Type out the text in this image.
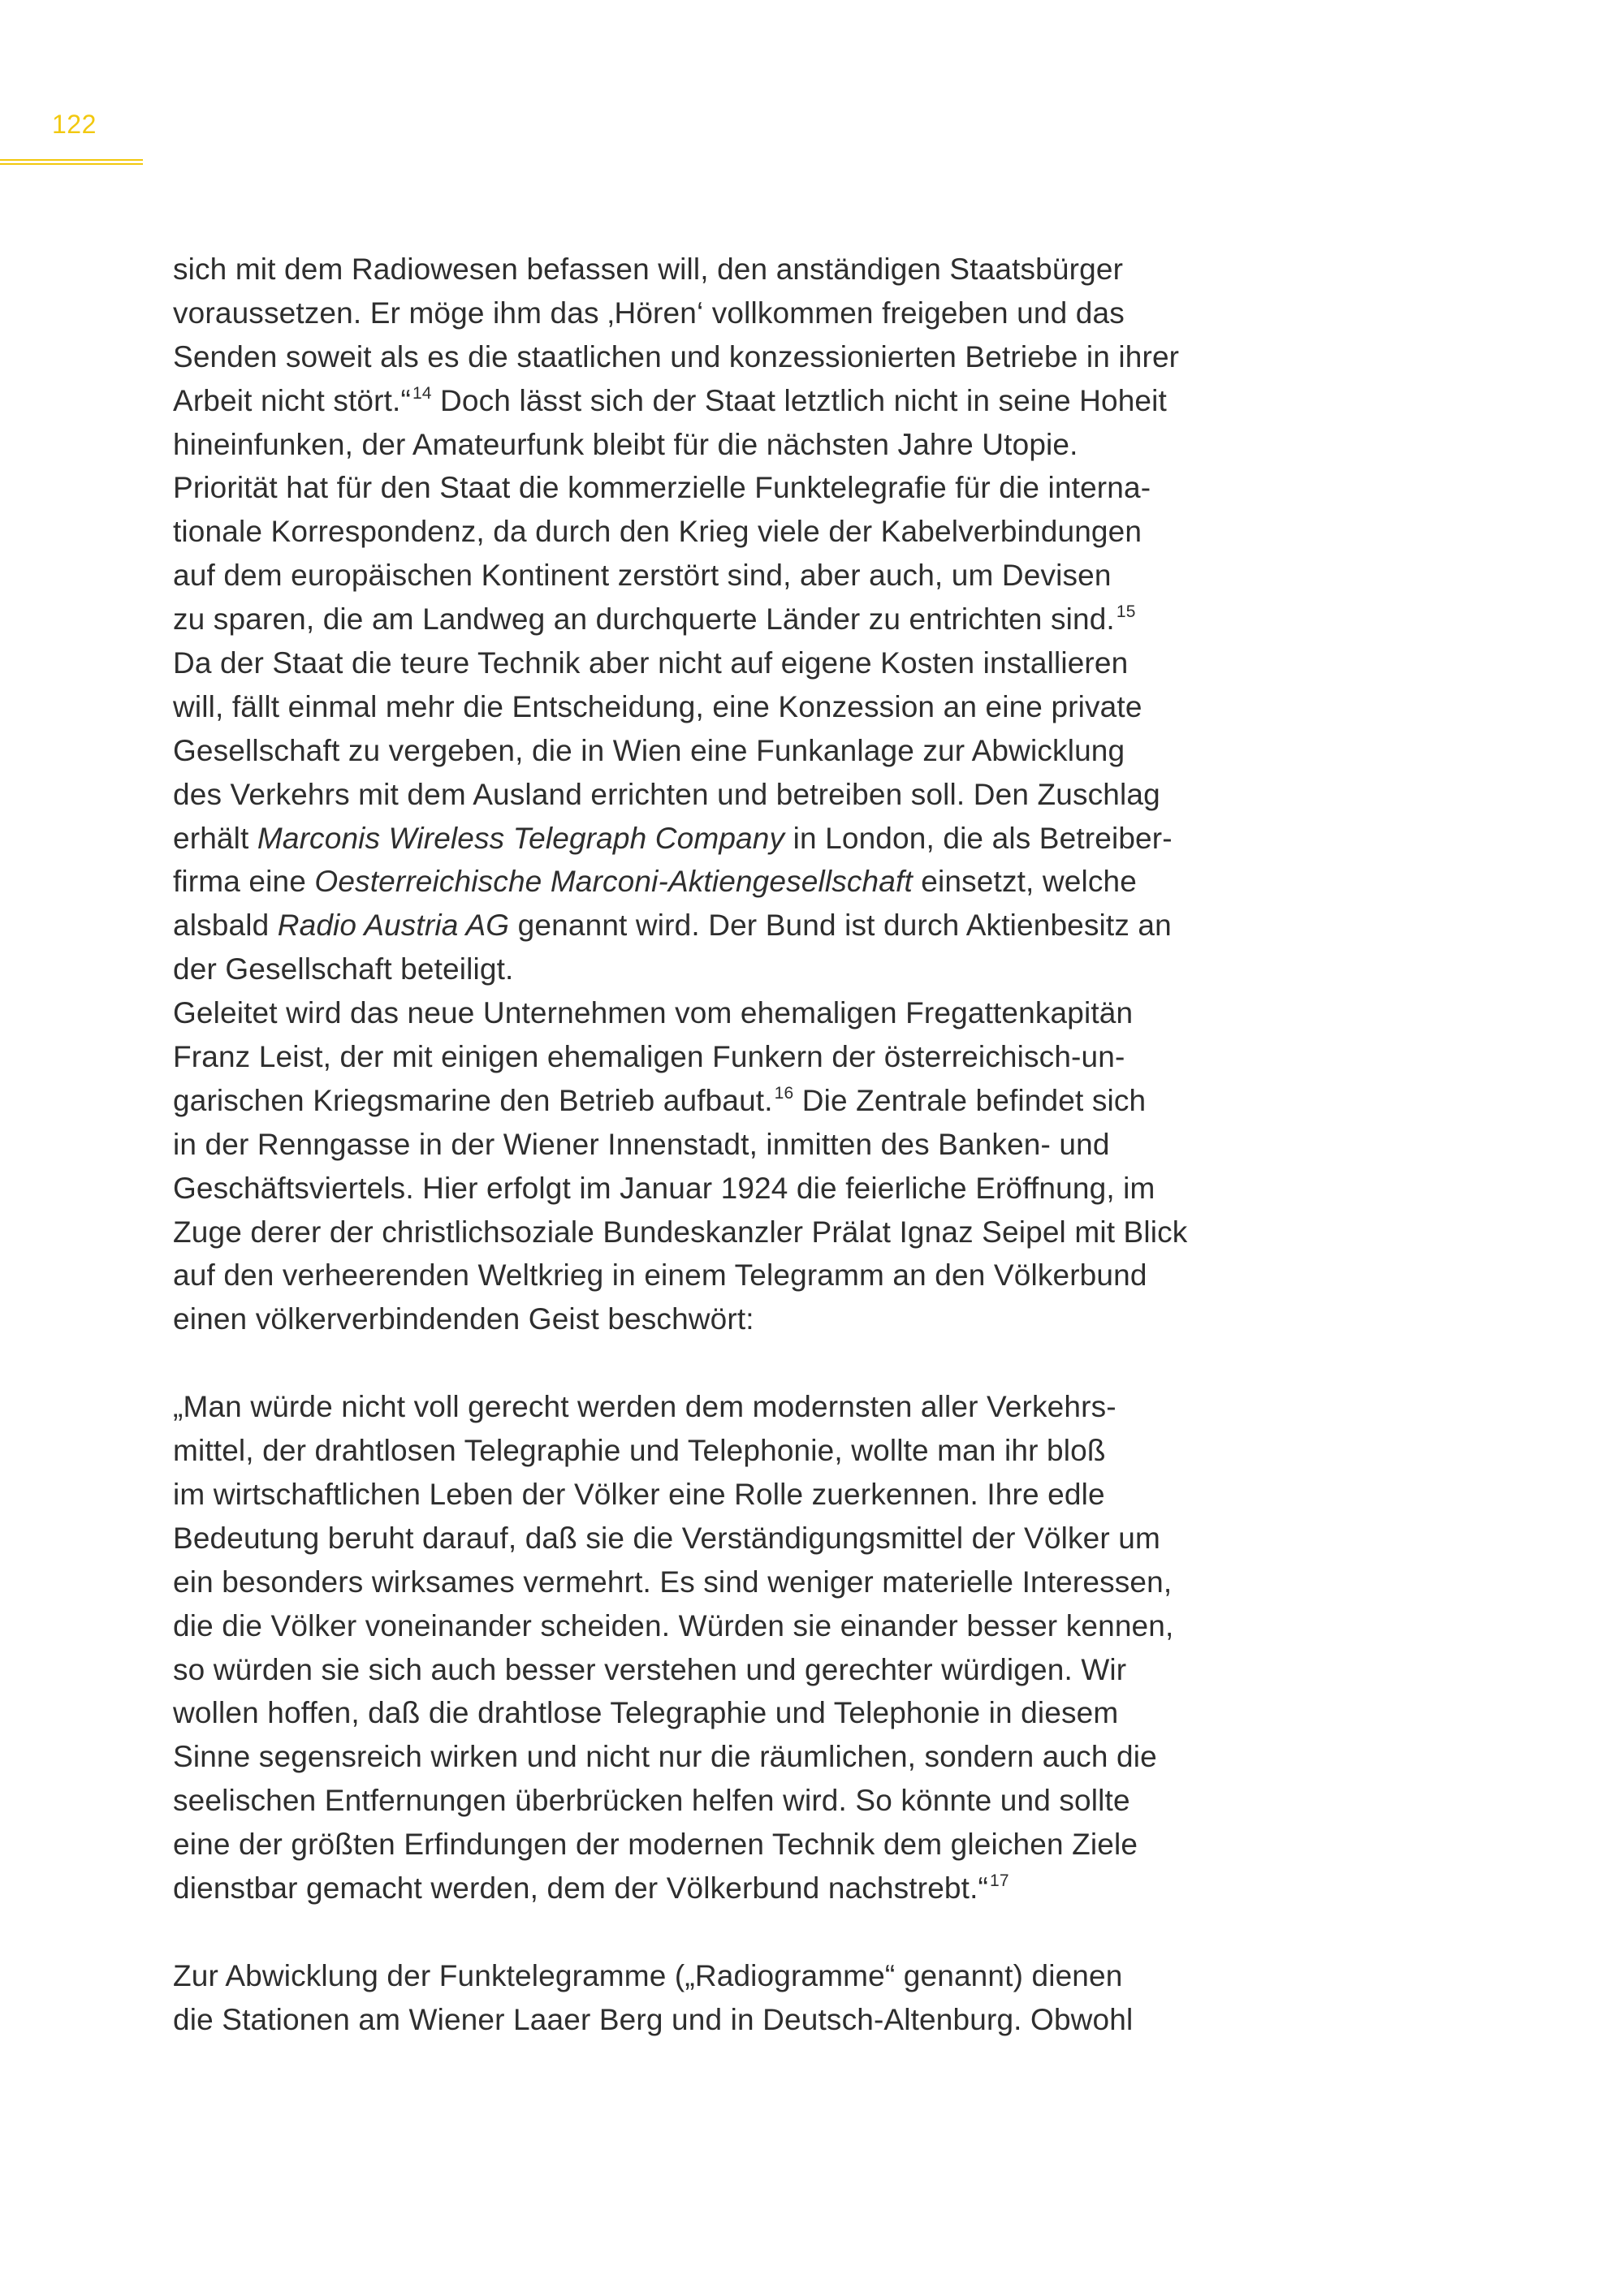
122
sich mit dem Radiowesen befassen will, den anständigen Staatsbürger
voraussetzen. Er möge ihm das ‚Hören‘ vollkommen freigeben und das
Senden soweit als es die staatlichen und konzessionierten Betriebe in ihrer
Arbeit nicht stört.“$^{14}$ Doch lässt sich der Staat letztlich nicht in seine Hoheit
hineinfunken, der Amateurfunk bleibt für die nächsten Jahre Utopie.
Priorität hat für den Staat die kommerzielle Funktelegrafie für die interna-
tionale Korrespondenz, da durch den Krieg viele der Kabelverbindungen
auf dem europäischen Kontinent zerstört sind, aber auch, um Devisen
zu sparen, die am Landweg an durchquerte Länder zu entrichten sind.$^{15}$
Da der Staat die teure Technik aber nicht auf eigene Kosten installieren
will, fällt einmal mehr die Entscheidung, eine Konzession an eine private
Gesellschaft zu vergeben, die in Wien eine Funkanlage zur Abwicklung
des Verkehrs mit dem Ausland errichten und betreiben soll. Den Zuschlag
erhält Marconis Wireless Telegraph Company in London, die als Betreiber-
firma eine Oesterreichische Marconi-Aktiengesellschaft einsetzt, welche
alsbald Radio Austria AG genannt wird. Der Bund ist durch Aktienbesitz an
der Gesellschaft beteiligt.
Geleitet wird das neue Unternehmen vom ehemaligen Fregattenkapitän
Franz Leist, der mit einigen ehemaligen Funkern der österreichisch-un-
garischen Kriegsmarine den Betrieb aufbaut.$^{16}$ Die Zentrale befindet sich
in der Renngasse in der Wiener Innenstadt, inmitten des Banken- und
Geschäftsviertels. Hier erfolgt im Januar 1924 die feierliche Eröffnung, im
Zuge derer der christlichsoziale Bundeskanzler Prälat Ignaz Seipel mit Blick
auf den verheerenden Weltkrieg in einem Telegramm an den Völkerbund
einen völkerverbindenden Geist beschwört:
„Man würde nicht voll gerecht werden dem modernsten aller Verkehrs-
mittel, der drahtlosen Telegraphie und Telephonie, wollte man ihr bloß
im wirtschaftlichen Leben der Völker eine Rolle zuerkennen. Ihre edle
Bedeutung beruht darauf, daß sie die Verständigungsmittel der Völker um
ein besonders wirksames vermehrt. Es sind weniger materielle Interessen,
die die Völker voneinander scheiden. Würden sie einander besser kennen,
so würden sie sich auch besser verstehen und gerechter würdigen. Wir
wollen hoffen, daß die drahtlose Telegraphie und Telephonie in diesem
Sinne segensreich wirken und nicht nur die räumlichen, sondern auch die
seelischen Entfernungen überbrücken helfen wird. So könnte und sollte
eine der größten Erfindungen der modernen Technik dem gleichen Ziele
dienstbar gemacht werden, dem der Völkerbund nachstrebt.“$^{17}$
Zur Abwicklung der Funktelegramme („Radiogramme“ genannt) dienen
die Stationen am Wiener Laaer Berg und in Deutsch-Altenburg. Obwohl
